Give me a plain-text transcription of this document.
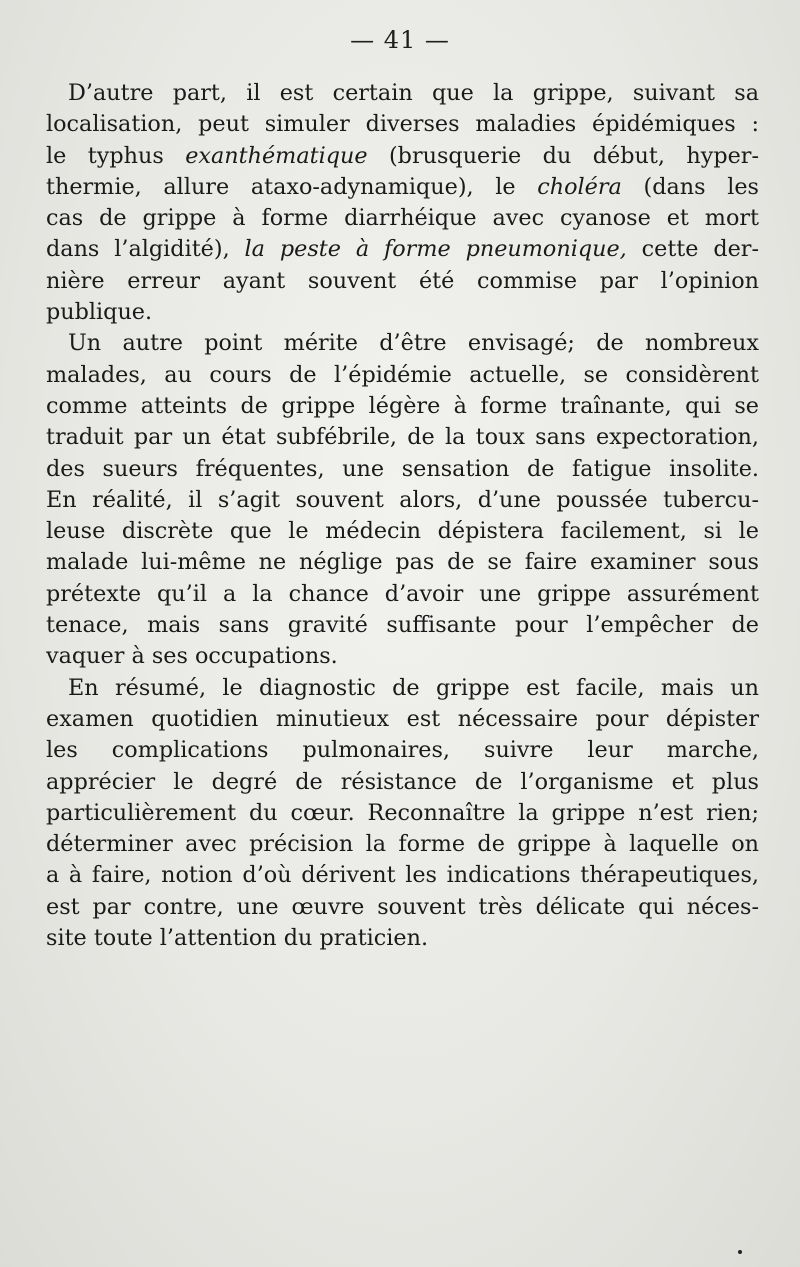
— 41 —
D’autre part, il est certain que la grippe, suivant sa
localisation, peut simuler diverses maladies épidémiques :
le typhus exanthématique (brusquerie du début, hyper-
thermie, allure ataxo-adynamique), le choléra (dans les
cas de grippe à forme diarrhéique avec cyanose et mort
dans l’algidité), la peste à forme pneumonique, cette der-
nière erreur ayant souvent été commise par l’opinion
publique.
Un autre point mérite d’être envisagé; de nombreux
malades, au cours de l’épidémie actuelle, se considèrent
comme atteints de grippe légère à forme traînante, qui se
traduit par un état subfébrile, de la toux sans expectoration,
des sueurs fréquentes, une sensation de fatigue insolite.
En réalité, il s’agit souvent alors, d’une poussée tubercu-
leuse discrète que le médecin dépistera facilement, si le
malade lui-même ne néglige pas de se faire examiner sous
prétexte qu’il a la chance d’avoir une grippe assurément
tenace, mais sans gravité suffisante pour l’empêcher de
vaquer à ses occupations.
En résumé, le diagnostic de grippe est facile, mais un
examen quotidien minutieux est nécessaire pour dépister
les complications pulmonaires, suivre leur marche,
apprécier le degré de résistance de l’organisme et plus
particulièrement du cœur. Reconnaître la grippe n’est rien;
déterminer avec précision la forme de grippe à laquelle on
a à faire, notion d’où dérivent les indications thérapeutiques,
est par contre, une œuvre souvent très délicate qui néces-
site toute l’attention du praticien.
